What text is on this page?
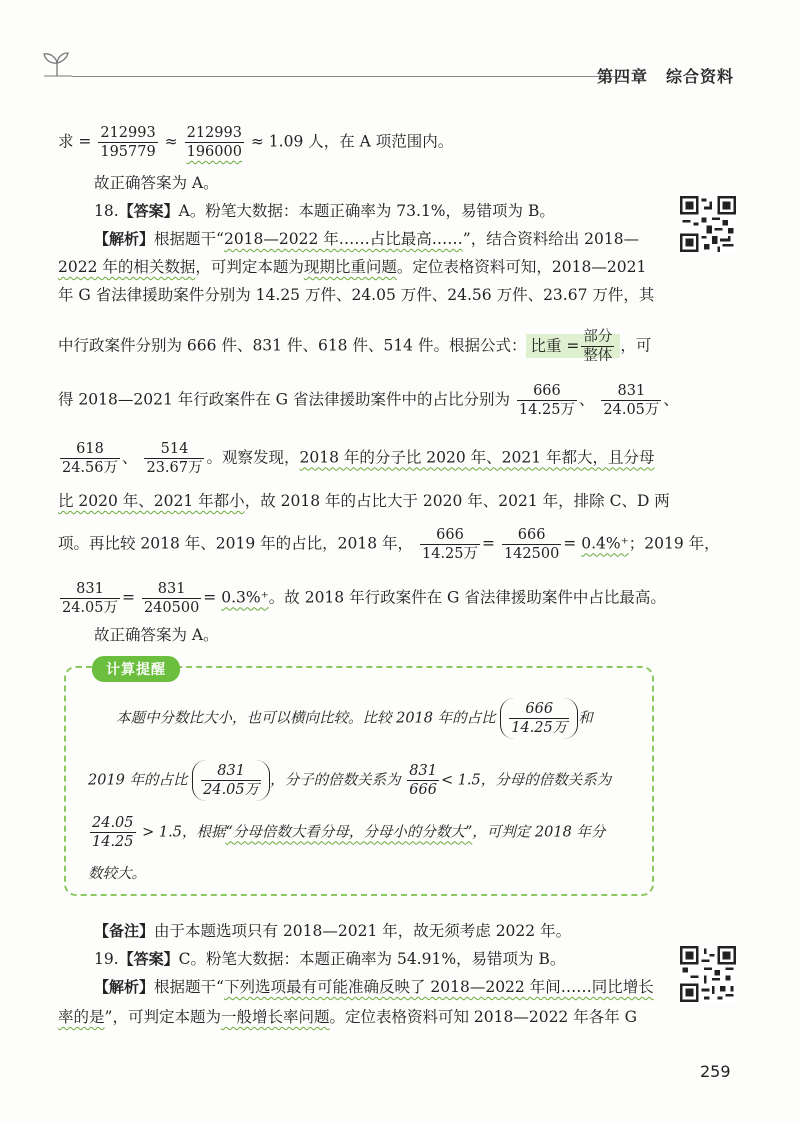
第四章 综合资料
求 = $\frac{212993}{195779} \approx \frac{212993}{196000} \approx 1.09$ 人，在 A 项范围内。
故正确答案为 A。
18.【答案】A。粉笔大数据：本题正确率为 73.1%，易错项为 B。
【解析】根据题干“2018—2022 年……占比最高……”，结合资料给出 2018—
2022 年的相关数据，可判定本题为现期比重问题。定位表格资料可知，2018—2021
年 G 省法律援助案件分别为 14.25 万件、24.05 万件、24.56 万件、23.67 万件，其
中行政案件分别为 666 件、831 件、618 件、514 件。根据公式： 比重 = $\frac{\text{部分}}{\text{整体}}$ ，可
得 2018—2021 年行政案件在 G 省法律援助案件中的占比分别为 $\frac{666}{\text{14.25万}}$ 、 $\frac{831}{\text{24.05万}}$ 、
$\frac{618}{\text{24.56万}}$ 、 $\frac{514}{\text{23.67万}}$ 。观察发现，2018 年的分子比 2020 年、2021 年都大，且分母
比 2020 年、2021 年都小，故 2018 年的占比大于 2020 年、2021 年，排除 C、D 两
项。再比较 2018 年、2019 年的占比，2018 年， $\frac{666}{\text{14.25万}} = \frac{666}{142500} = 0.4\%^+$；2019 年，
$\frac{831}{\text{24.05万}} = \frac{831}{240500} = 0.3\%^+$。故 2018 年行政案件在 G 省法律援助案件中占比最高。
故正确答案为 A。
计算提醒
本题中分数比大小，也可以横向比较。比较 2018 年的占比 $\frac{666}{\text{14.25万}}$ 和
2019 年的占比 $\frac{831}{\text{24.05万}}$ ，分子的倍数关系为 $\frac{831}{666} < 1.5$，分母的倍数关系为
$\frac{24.05}{14.25} > 1.5$，根据“分母倍数大看分母，分母小的分数大”，可判定 2018 年分
数较大。
【备注】由于本题选项只有 2018—2021 年，故无须考虑 2022 年。
19.【答案】C。粉笔大数据：本题正确率为 54.91%，易错项为 B。
【解析】根据题干“下列选项最有可能准确反映了 2018—2022 年间……同比增长
率的是”，可判定本题为一般增长率问题。定位表格资料可知 2018—2022 年各年 G
259
